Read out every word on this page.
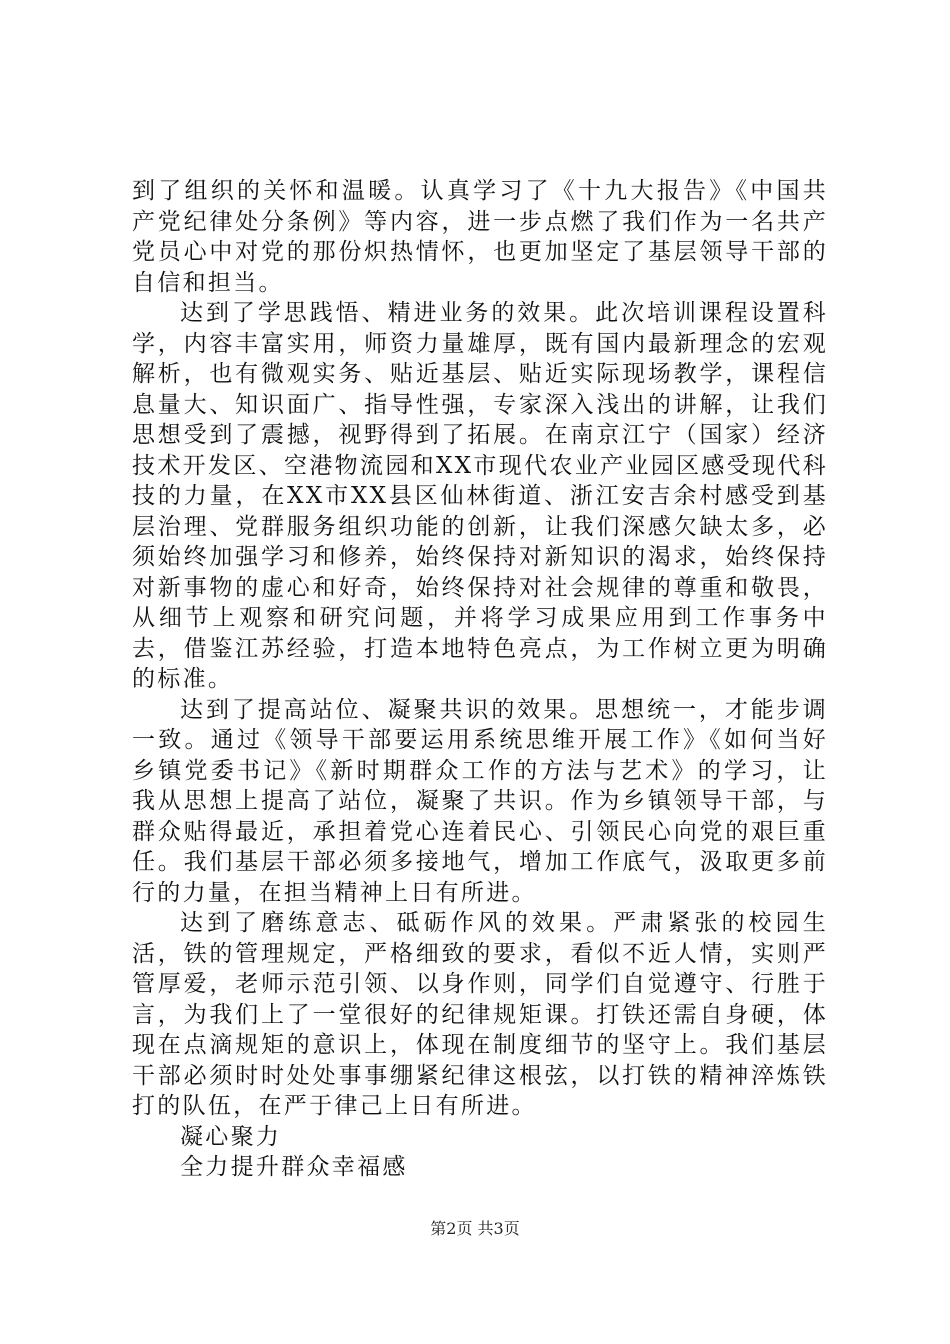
到了组织的关怀和温暖。认真学习了《十九大报告》《中国共产党纪律处分条例》等内容，进一步点燃了我们作为一名共产党员心中对党的那份炽热情怀，也更加坚定了基层领导干部的自信和担当。

达到了学思践悟、精进业务的效果。此次培训课程设置科学，内容丰富实用，师资力量雄厚，既有国内最新理念的宏观解析，也有微观实务、贴近基层、贴近实际现场教学，课程信息量大、知识面广、指导性强，专家深入浅出的讲解，让我们思想受到了震撼，视野得到了拓展。在南京江宁（国家）经济技术开发区、空港物流园和XX市现代农业产业园区感受现代科技的力量，在XX市XX县区仙林街道、浙江安吉余村感受到基层治理、党群服务组织功能的创新，让我们深感欠缺太多，必须始终加强学习和修养，始终保持对新知识的渴求，始终保持对新事物的虚心和好奇，始终保持对社会规律的尊重和敬畏，从细节上观察和研究问题，并将学习成果应用到工作事务中去，借鉴江苏经验，打造本地特色亮点，为工作树立更为明确的标准。

达到了提高站位、凝聚共识的效果。思想统一，才能步调一致。通过《领导干部要运用系统思维开展工作》《如何当好乡镇党委书记》《新时期群众工作的方法与艺术》的学习，让我从思想上提高了站位，凝聚了共识。作为乡镇领导干部，与群众贴得最近，承担着党心连着民心、引领民心向党的艰巨重任。我们基层干部必须多接地气，增加工作底气，汲取更多前行的力量，在担当精神上日有所进。

达到了磨练意志、砥砺作风的效果。严肃紧张的校园生活，铁的管理规定，严格细致的要求，看似不近人情，实则严管厚爱，老师示范引领、以身作则，同学们自觉遵守、行胜于言，为我们上了一堂很好的纪律规矩课。打铁还需自身硬，体现在点滴规矩的意识上，体现在制度细节的坚守上。我们基层干部必须时时处处事事绷紧纪律这根弦，以打铁的精神淬炼铁打的队伍，在严于律己上日有所进。

凝心聚力

全力提升群众幸福感

第2页 共3页
